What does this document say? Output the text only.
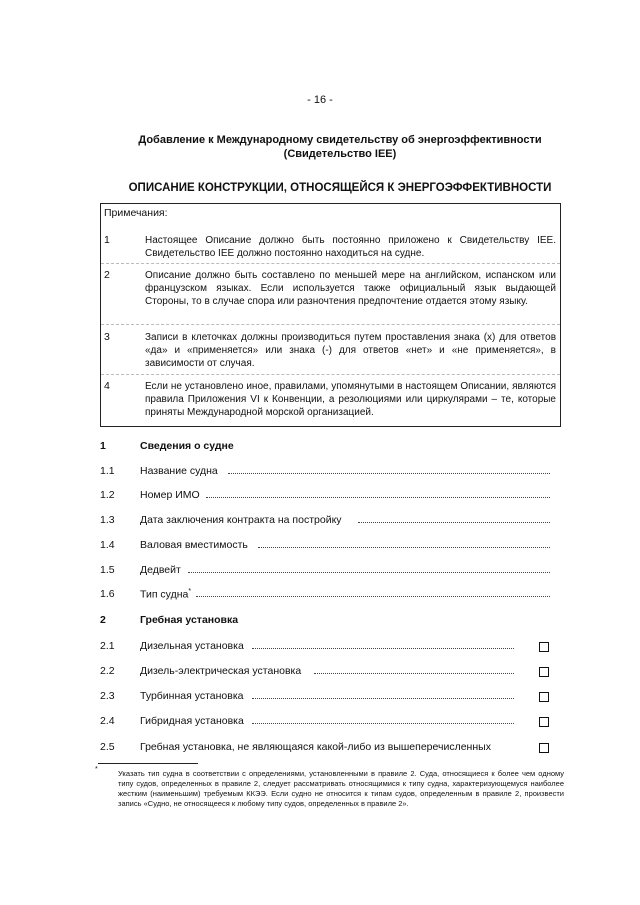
- 16 -
Добавление к Международному свидетельству об энергоэффективности
(Свидетельство IEE)
ОПИСАНИЕ КОНСТРУКЦИИ, ОТНОСЯЩЕЙСЯ К ЭНЕРГОЭФФЕКТИВНОСТИ
Примечания:
1	Настоящее Описание должно быть постоянно приложено к Свидетельству IEE. Свидетельство IEE должно постоянно находиться на судне.
2	Описание должно быть составлено по меньшей мере на английском, испанском или французском языках. Если используется также официальный язык выдающей Стороны, то в случае спора или разночтения предпочтение отдается этому языку.
3	Записи в клеточках должны производиться путем проставления знака (x) для ответов «да» и «применяется» или знака (-) для ответов «нет» и «не применяется», в зависимости от случая.
4	Если не установлено иное, правилами, упомянутыми в настоящем Описании, являются правила Приложения VI к Конвенции, а резолюциями или циркулярами – те, которые приняты Международной морской организацией.
1	Сведения о судне
1.1 Название судна
1.2 Номер ИМО
1.3 Дата заключения контракта на постройку
1.4 Валовая вместимость
1.5 Дедвейт
1.6 Тип судна*
2	Гребная установка
2.1 Дизельная установка
2.2 Дизель-электрическая установка
2.3 Турбинная установка
2.4 Гибридная установка
2.5 Гребная установка, не являющаяся какой-либо из вышеперечисленных
*	Указать тип судна в соответствии с определениями, установленными в правиле 2. Суда, относящиеся к более чем одному типу судов, определенных в правиле 2, следует рассматривать относящимися к типу судна, характеризующемуся наиболее жестким (наименьшим) требуемым ККЭЭ. Если судно не относится к типам судов, определенным в правиле 2, произвести запись «Судно, не относящееся к любому типу судов, определенных в правиле 2».
